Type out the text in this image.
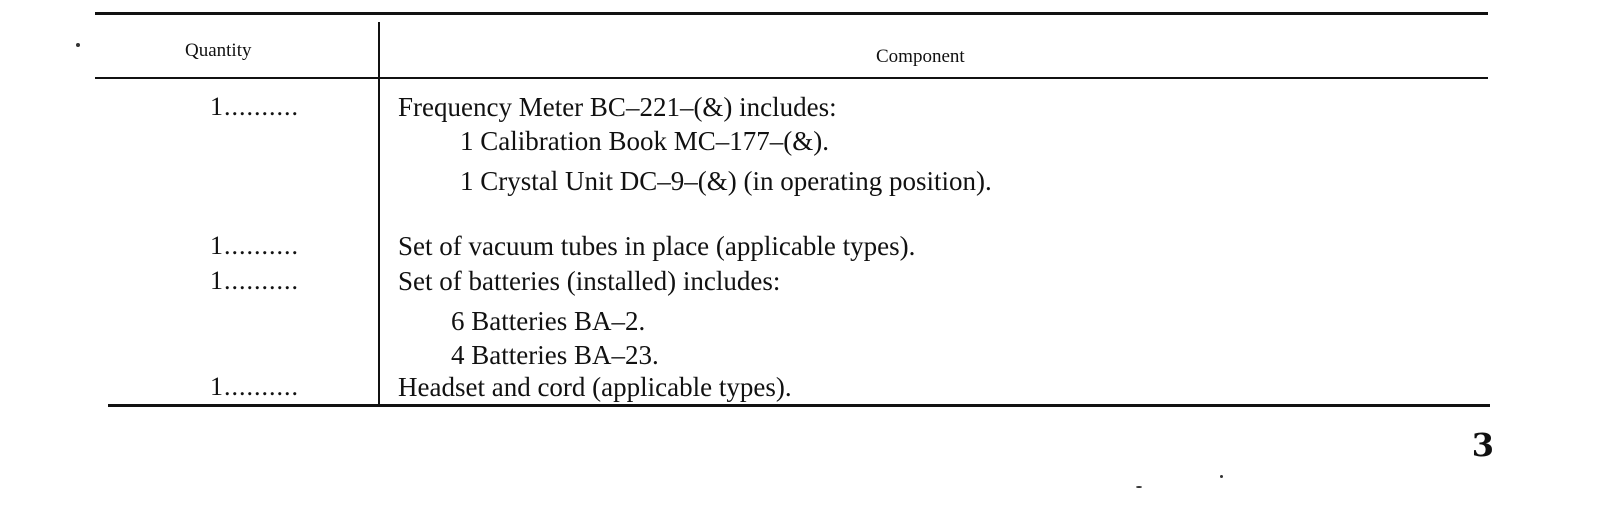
Quantity	Component
1..........	Frequency Meter BC–221–(&) includes:
1 Calibration Book MC–177–(&).
1 Crystal Unit DC–9–(&) (in operating position).
1..........	Set of vacuum tubes in place (applicable types).
1..........	Set of batteries (installed) includes:
6 Batteries BA–2.
4 Batteries BA–23.
1..........	Headset and cord (applicable types).
3
